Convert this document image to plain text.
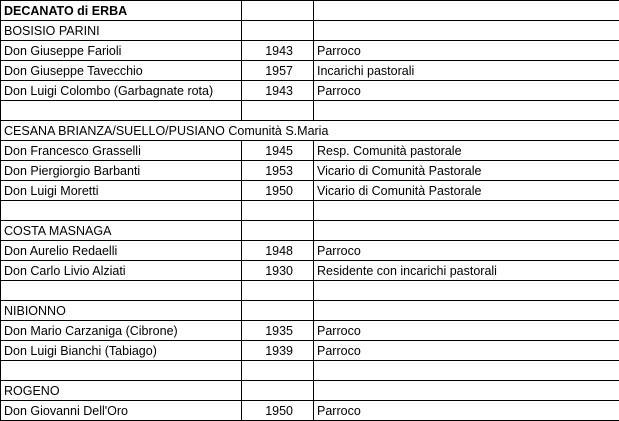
DECANATO di ERBA		
BOSISIO PARINI		
Don Giuseppe Farioli	1943	Parroco
Don Giuseppe Tavecchio	1957	Incarichi pastorali
Don Luigi Colombo (Garbagnate rota)	1943	Parroco

CESANA BRIANZA/SUELLO/PUSIANO Comunità S.Maria		
Don Francesco Grasselli	1945	Resp. Comunità pastorale
Don Piergiorgio Barbanti	1953	Vicario di Comunità Pastorale
Don Luigi Moretti	1950	Vicario di Comunità Pastorale

COSTA MASNAGA		
Don Aurelio Redaelli	1948	Parroco
Don Carlo Livio Alziati	1930	Residente con incarichi pastorali

NIBIONNO		
Don Mario Carzaniga (Cibrone)	1935	Parroco
Don Luigi Bianchi (Tabiago)	1939	Parroco

ROGENO		
Don Giovanni Dell'Oro	1950	Parroco
